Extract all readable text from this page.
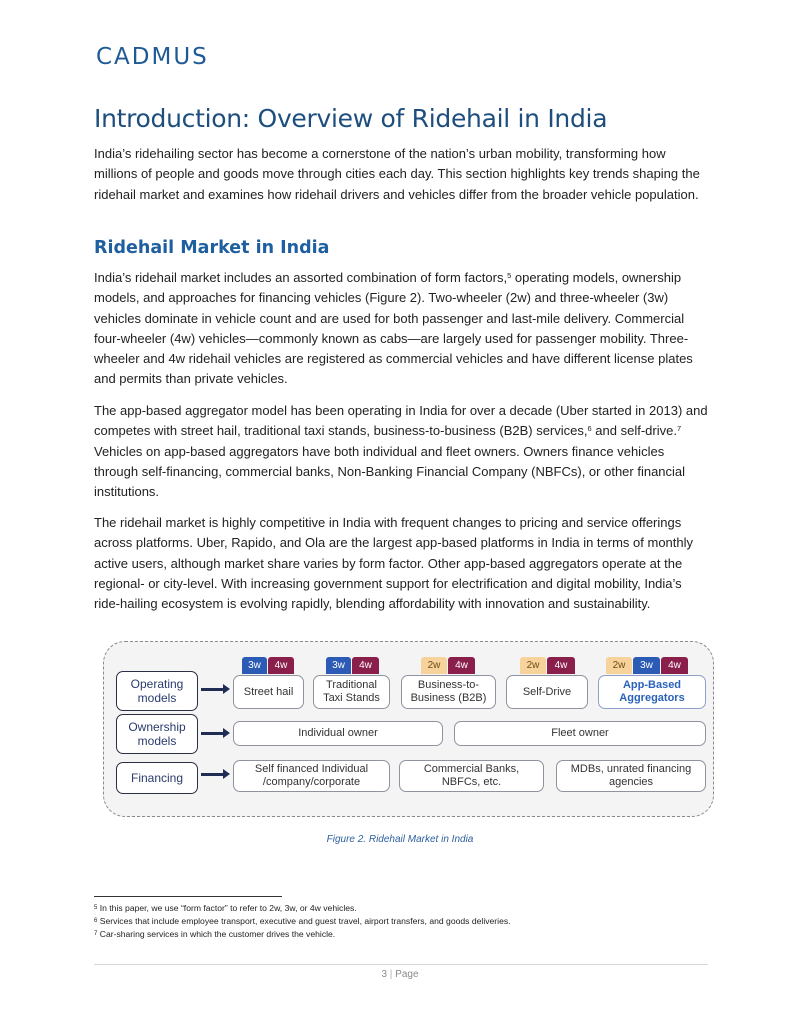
CADMUS
Introduction: Overview of Ridehail in India

India’s ridehailing sector has become a cornerstone of the nation’s urban mobility, transforming how millions of people and goods move through cities each day. This section highlights key trends shaping the ridehail market and examines how ridehail drivers and vehicles differ from the broader vehicle population.

Ridehail Market in India

India’s ridehail market includes an assorted combination of form factors,$^5$ operating models, ownership models, and approaches for financing vehicles (Figure 2). Two-wheeler (2w) and three-wheeler (3w) vehicles dominate in vehicle count and are used for both passenger and last-mile delivery. Commercial four-wheeler (4w) vehicles—commonly known as cabs—are largely used for passenger mobility. Three-wheeler and 4w ridehail vehicles are registered as commercial vehicles and have different license plates and permits than private vehicles.

The app-based aggregator model has been operating in India for over a decade (Uber started in 2013) and competes with street hail, traditional taxi stands, business-to-business (B2B) services,$^6$ and self-drive.$^7$ Vehicles on app-based aggregators have both individual and fleet owners. Owners finance vehicles through self-financing, commercial banks, Non-Banking Financial Company (NBFCs), or other financial institutions.

The ridehail market is highly competitive in India with frequent changes to pricing and service offerings across platforms. Uber, Rapido, and Ola are the largest app-based platforms in India in terms of monthly active users, although market share varies by form factor. Other app-based aggregators operate at the regional- or city-level. With increasing government support for electrification and digital mobility, India’s ride-hailing ecosystem is evolving rapidly, blending affordability with innovation and sustainability.

Operating models
Ownership models
Financing
3w	4w	3w	4w	2w	4w	2w	4w	2w	3w	4w
Street hail
Traditional Taxi Stands
Business-to-Business (B2B)
Self-Drive
App-Based Aggregators
Individual owner	Fleet owner
Self financed Individual /company/corporate
Commercial Banks, NBFCs, etc.
MDBs, unrated financing agencies
Figure 2. Ridehail Market in India
$^5$ In this paper, we use “form factor” to refer to 2w, 3w, or 4w vehicles.
$^6$ Services that include employee transport, executive and guest travel, airport transfers, and goods deliveries.
$^7$ Car-sharing services in which the customer drives the vehicle.
3 | Page
